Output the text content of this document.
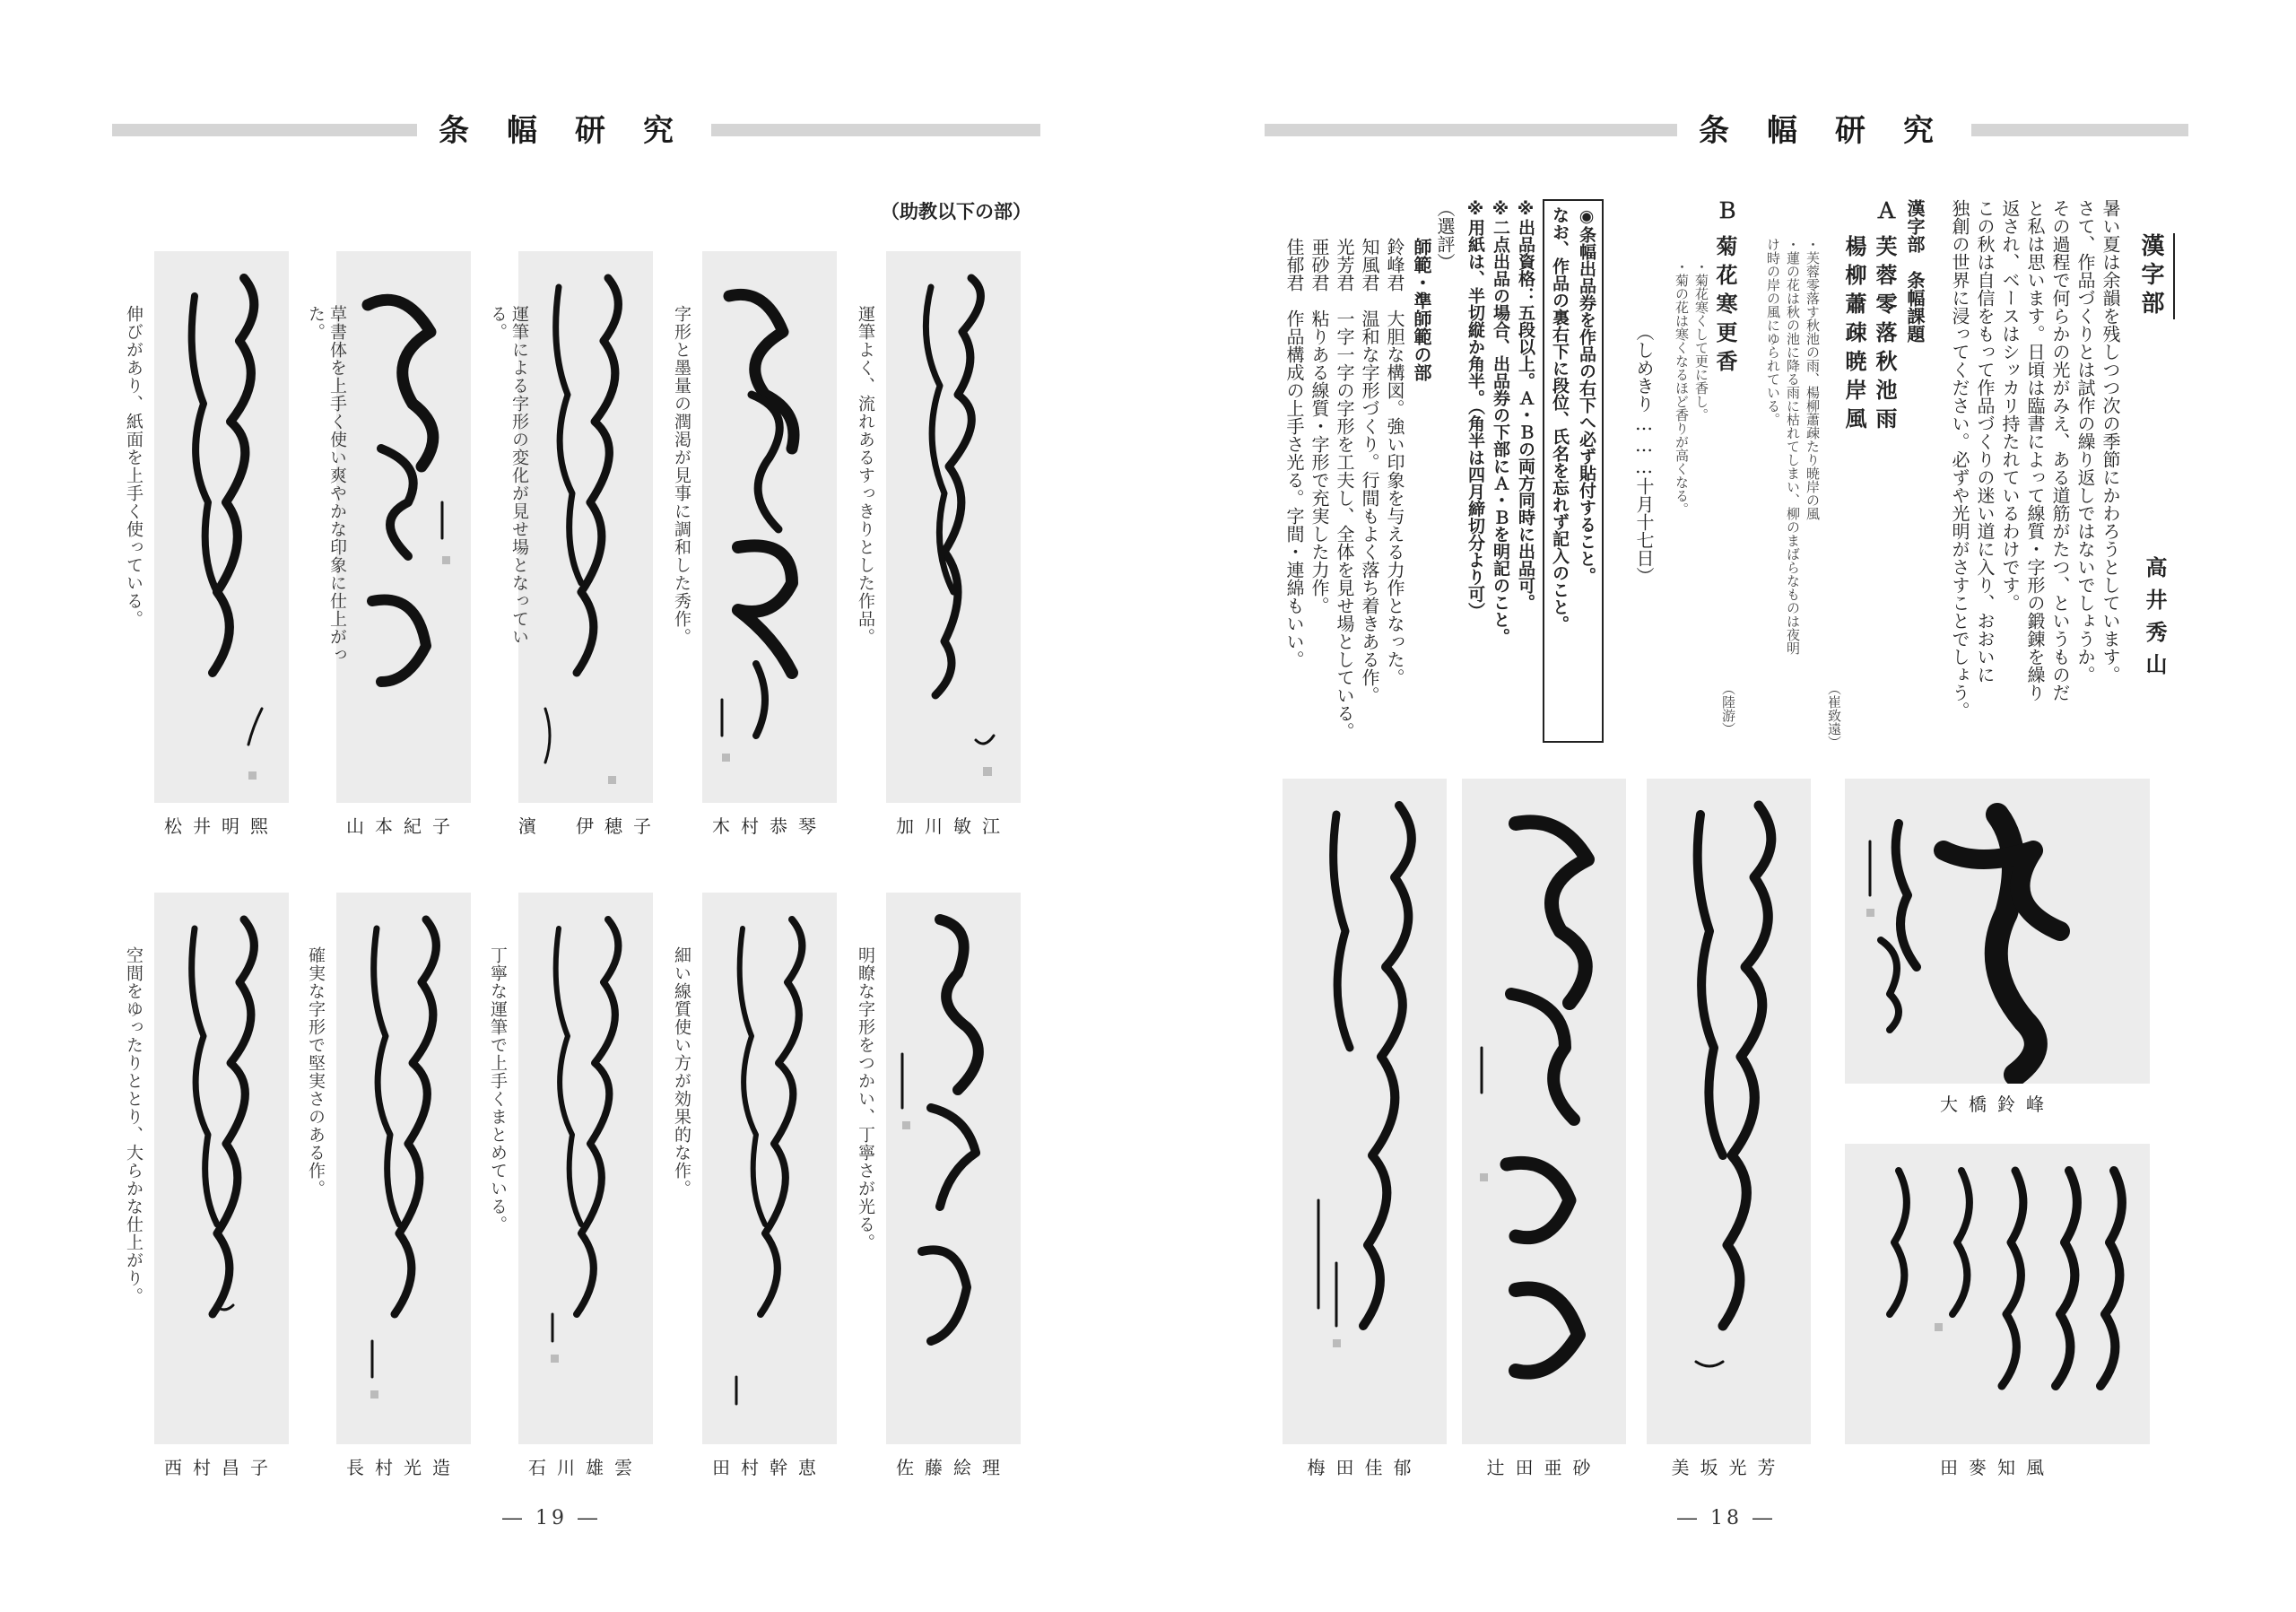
条幅研究
（助教以下の部）
加川敏江
運筆よく、流れあるすっきりとした作品。
木村恭琴
字形と墨量の潤渇が見事に調和した秀作。
濱　伊穂子
運筆による字形の変化が見せ場となっている。
山本紀子
草書体を上手く使い爽やかな印象に仕上がった。
松井明煕
伸びがあり、紙面を上手く使っている。
佐藤絵理
明瞭な字形をつかい、丁寧さが光る。
田村幹恵
細い線質使い方が効果的な作。
石川雄雲
丁寧な運筆で上手くまとめている。
長村光造
確実な字形で堅実さのある作。
西村昌子
空間をゆったりととり、大らかな仕上がり。
― 19 ―
条幅研究
漢字部
高井秀山
暑い夏は余韻を残しつつ次の季節にかわろうとしています。
さて、作品づくりとは試作の繰り返しではないでしょうか。
その過程で何らかの光がみえ、ある道筋がたつ、というものだ
と私は思います。日頃は臨書によって線質・字形の鍛錬を繰り
返され、ベースはシッカリ持たれているわけです。
この秋は自信をもって作品づくりの迷い道に入り、おおいに
独創の世界に浸ってください。必ずや光明がさすことでしょう。
漢字部　条幅課題
Ａ
芙蓉零落秋池雨
楊柳蕭疎暁岸風
（崔致遠）
・芙蓉零落す秋池の雨、楊柳蕭疎たり暁岸の風
・蓮の花は秋の池に降る雨に枯れてしまい、柳のまばらなものは夜明
け時の岸の風にゆられている。
Ｂ
菊花寒更香
（陸游）
・菊花寒くして更に香し。
・菊の花は寒くなるほど香りが高くなる。
（しめきり………十月十七日）
◉条幅出品券を作品の右下へ必ず貼付すること。
なお、作品の裏右下に段位、氏名を忘れず記入のこと。
※出品資格：五段以上。Ａ・Ｂの両方同時に出品可。
※二点出品の場合、出品券の下部にＡ・Ｂを明記のこと。
※用紙は、半切縦か角半。（角半は四月締切分より可）
（選評）
師範・準師範の部
鈴峰君　大胆な構図。強い印象を与える力作となった。
知風君　温和な字形づくり。行間もよく落ち着きある作。
光芳君　一字一字の字形を工夫し、全体を見せ場としている。
亜砂君　粘りある線質・字形で充実した力作。
佳郁君　作品構成の上手さ光る。字間・連綿もいい。
大橋鈴峰
田麥知風
美坂光芳
辻田亜砂
梅田佳郁
― 18 ―
